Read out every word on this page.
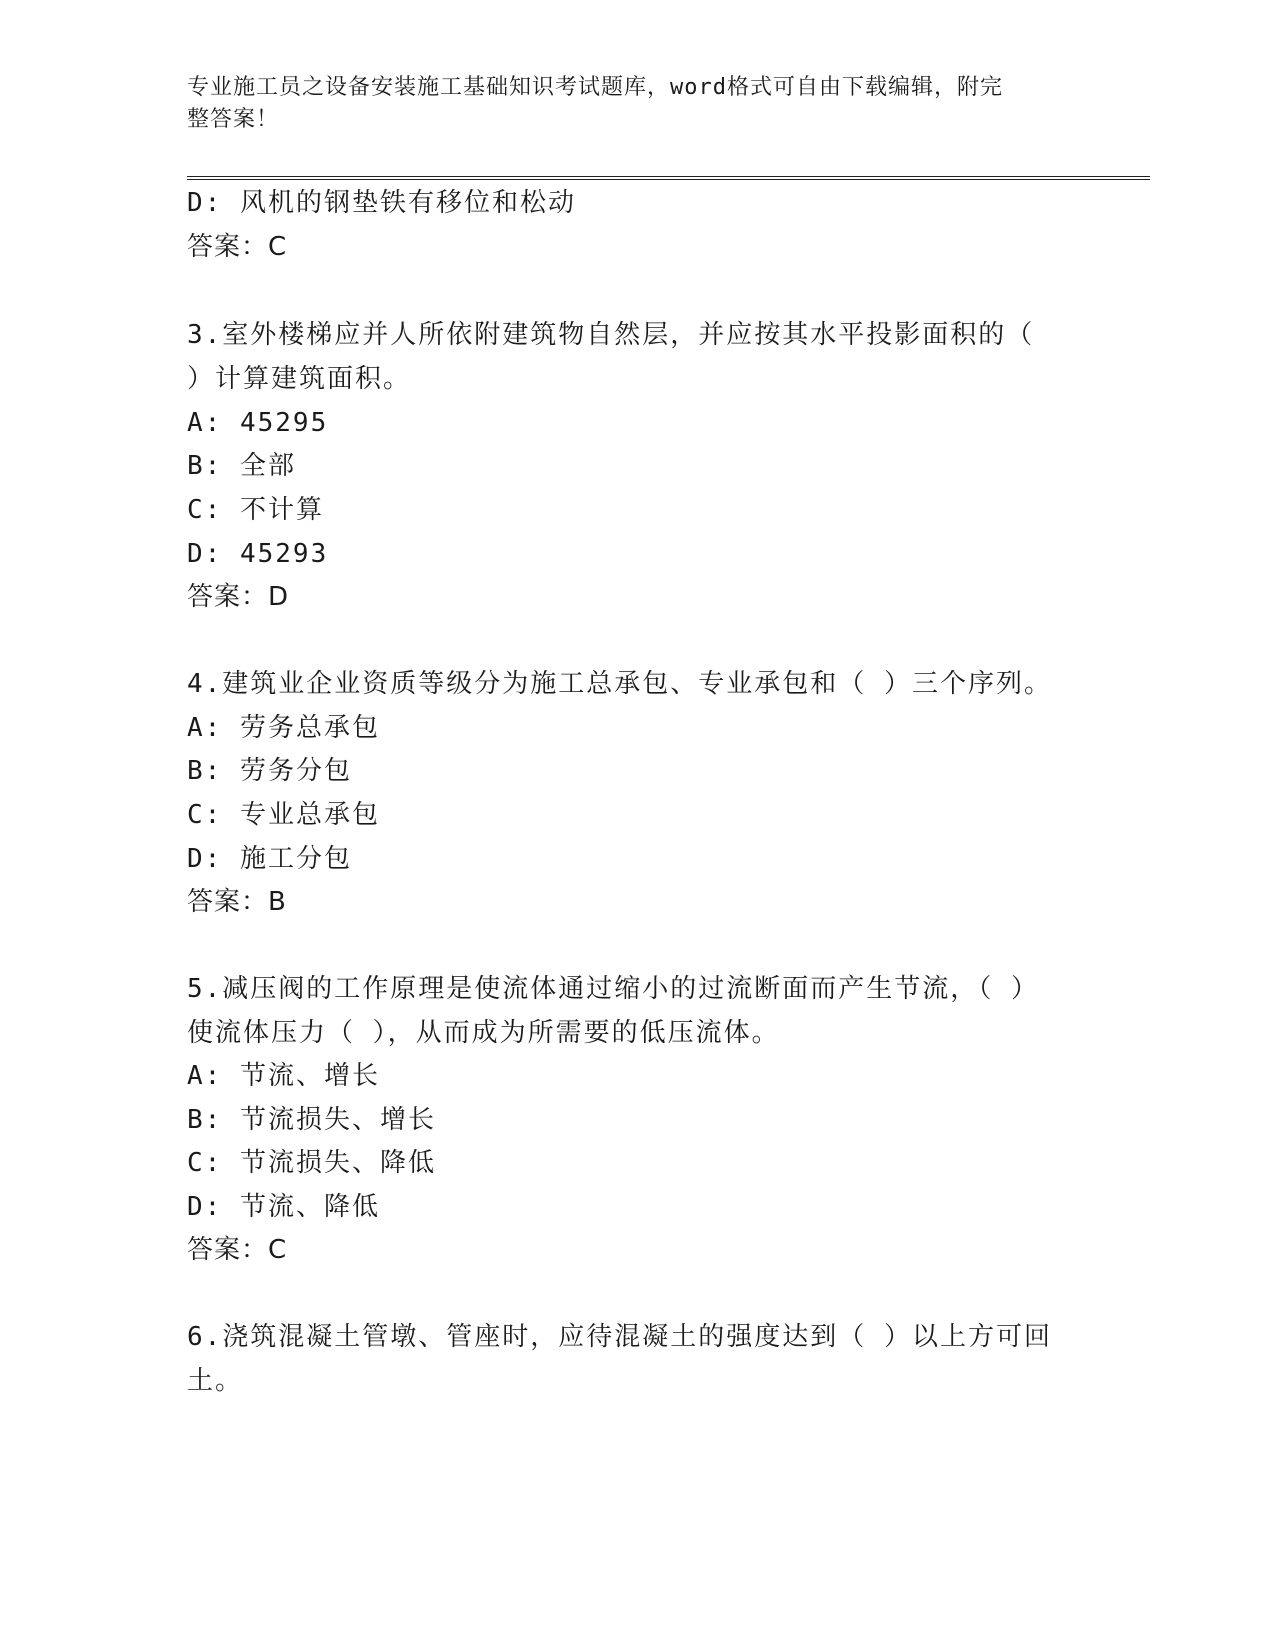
专业施工员之设备安装施工基础知识考试题库，word格式可自由下载编辑，附完
整答案！
D: 风机的钢垫铁有移位和松动
答案：C
3.室外楼梯应并人所依附建筑物自然层，并应按其水平投影面积的（
）计算建筑面积。
A: 45295
B: 全部
C: 不计算
D: 45293
答案：D
4.建筑业企业资质等级分为施工总承包、专业承包和（ ）三个序列。
A: 劳务总承包
B: 劳务分包
C: 专业总承包
D: 施工分包
答案：B
5.减压阀的工作原理是使流体通过缩小的过流断面而产生节流，（ ）
使流体压力（ ），从而成为所需要的低压流体。
A: 节流、增长
B: 节流损失、增长
C: 节流损失、降低
D: 节流、降低
答案：C
6.浇筑混凝土管墩、管座时，应待混凝土的强度达到（ ）以上方可回
土。
